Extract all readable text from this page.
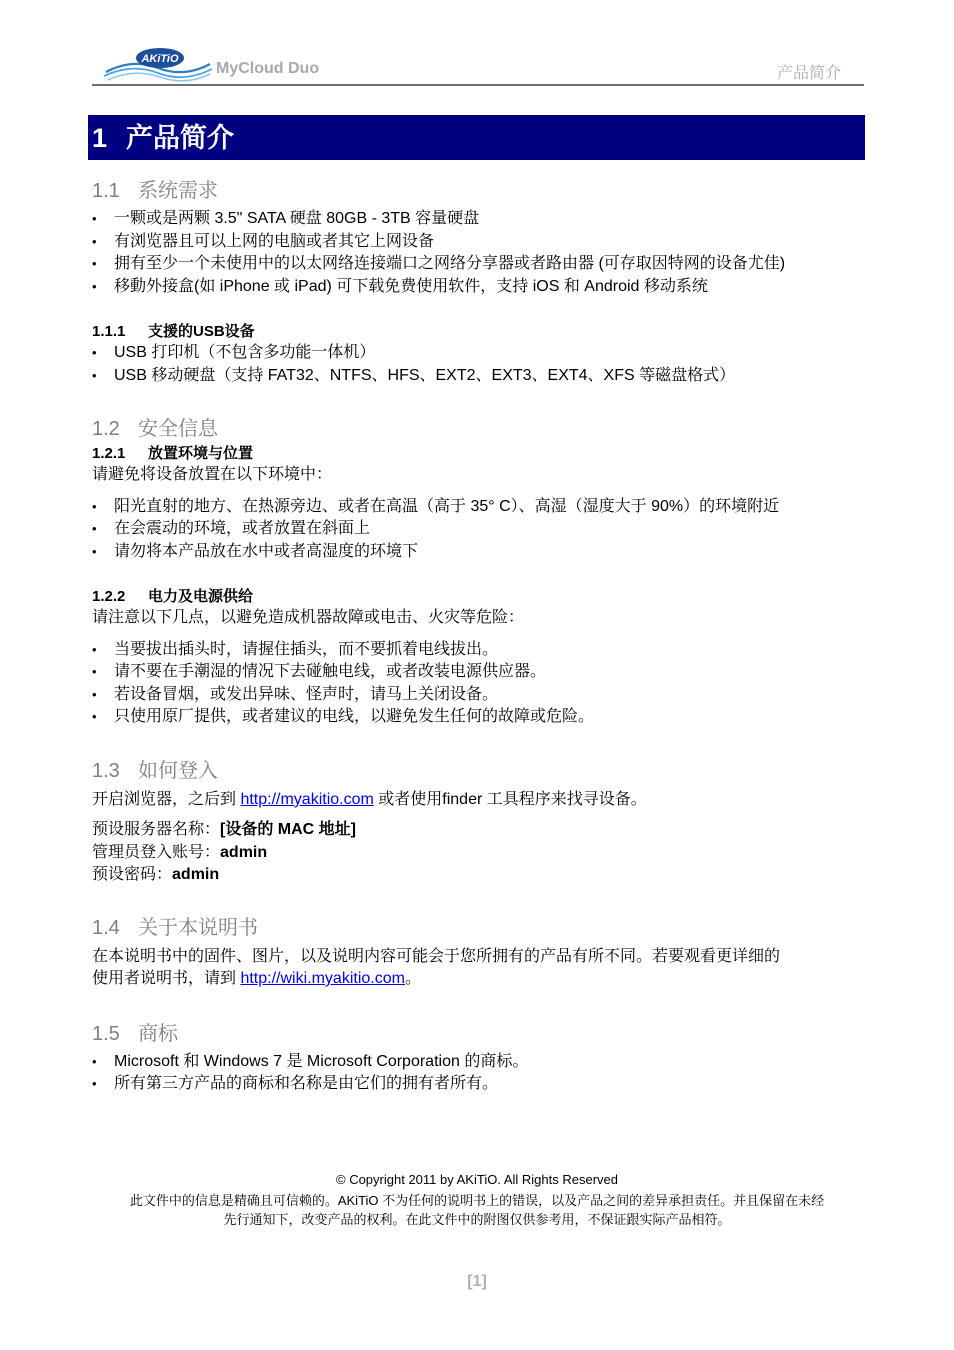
AKiTiO
MyCloud Duo	产品简介
1 产品简介
1.1 系统需求
• 一颗或是两颗 3.5" SATA 硬盘 80GB - 3TB 容量硬盘
• 有浏览器且可以上网的电脑或者其它上网设备
• 拥有至少一个未使用中的以太网络连接端口之网络分享器或者路由器 (可存取因特网的设备尤佳)
• 移動外接盒(如 iPhone 或 iPad) 可下载免费使用软件，支持 iOS 和 Android 移动系统
1.1.1 支援的USB设备
• USB 打印机（不包含多功能一体机）
• USB 移动硬盘（支持 FAT32、NTFS、HFS、EXT2、EXT3、EXT4、XFS 等磁盘格式）
1.2 安全信息
1.2.1 放置环境与位置

请避免将设备放置在以下环境中：

• 阳光直射的地方、在热源旁边、或者在高温（高于 35° C）、高湿（湿度大于 90%）的环境附近
• 在会震动的环境，或者放置在斜面上
• 请勿将本产品放在水中或者高湿度的环境下
1.2.2 电力及电源供给

请注意以下几点，以避免造成机器故障或电击、火灾等危险：

• 当要拔出插头时，请握住插头，而不要抓着电线拔出。
• 请不要在手潮湿的情况下去碰触电线，或者改装电源供应器。
• 若设备冒烟，或发出异味、怪声时，请马上关闭设备。
• 只使用原厂提供，或者建议的电线，以避免发生任何的故障或危险。
1.3 如何登入

开启浏览器，之后到 http://myakitio.com 或者使用finder 工具程序来找寻设备。

预设服务器名称：[设备的 MAC 地址]

管理员登入账号：admin

预设密码：admin

1.4 关于本说明书

在本说明书中的固件、图片，以及说明内容可能会于您所拥有的产品有所不同。若要观看更详细的

使用者说明书，请到 http://wiki.myakitio.com。

1.5 商标
• Microsoft 和 Windows 7 是 Microsoft Corporation 的商标。
• 所有第三方产品的商标和名称是由它们的拥有者所有。
© Copyright 2011 by AKiTiO. All Rights Reserved
此文件中的信息是精确且可信赖的。AKiTiO 不为任何的说明书上的错误，以及产品之间的差异承担责任。并且保留在未经
先行通知下，改变产品的权利。在此文件中的附图仅供参考用，不保证跟实际产品相符。
[1]
